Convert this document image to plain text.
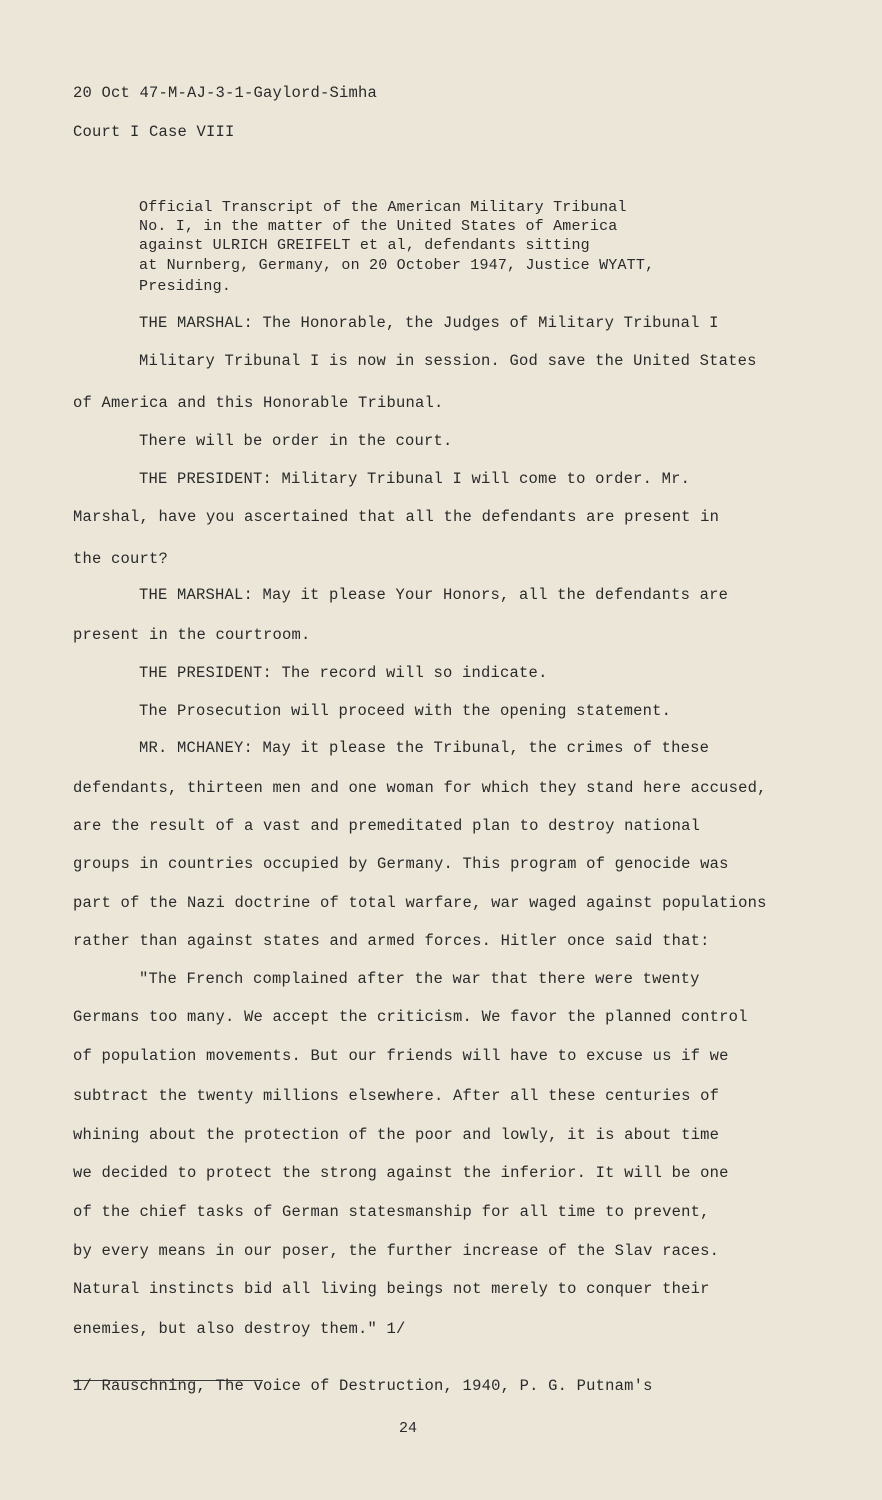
20 Oct 47-M-AJ-3-1-Gaylord-Simha
Court I Case VIII
Official Transcript of the American Military Tribunal
No. I, in the matter of the United States of America
against ULRICH GREIFELT et al, defendants sitting
at Nurnberg, Germany, on 20 October 1947, Justice WYATT,
Presiding.
THE MARSHAL: The Honorable, the Judges of Military Tribunal I
Military Tribunal I is now in session. God save the United States
of America and this Honorable Tribunal.
There will be order in the court.
THE PRESIDENT: Military Tribunal I will come to order. Mr.
Marshal, have you ascertained that all the defendants are present in
the court?
THE MARSHAL: May it please Your Honors, all the defendants are
present in the courtroom.
THE PRESIDENT: The record will so indicate.
The Prosecution will proceed with the opening statement.
MR. MCHANEY: May it please the Tribunal, the crimes of these
defendants, thirteen men and one woman for which they stand here accused,
are the result of a vast and premeditated plan to destroy national
groups in countries occupied by Germany. This program of genocide was
part of the Nazi doctrine of total warfare, war waged against populations
rather than against states and armed forces. Hitler once said that:
"The French complained after the war that there were twenty
Germans too many. We accept the criticism. We favor the planned control
of population movements. But our friends will have to excuse us if we
subtract the twenty millions elsewhere. After all these centuries of
whining about the protection of the poor and lowly, it is about time
we decided to protect the strong against the inferior. It will be one
of the chief tasks of German statesmanship for all time to prevent,
by every means in our poser, the further increase of the Slav races.
Natural instincts bid all living beings not merely to conquer their
enemies, but also destroy them." 1/
1/ Rauschning, The voice of Destruction, 1940, P. G. Putnam's
24
